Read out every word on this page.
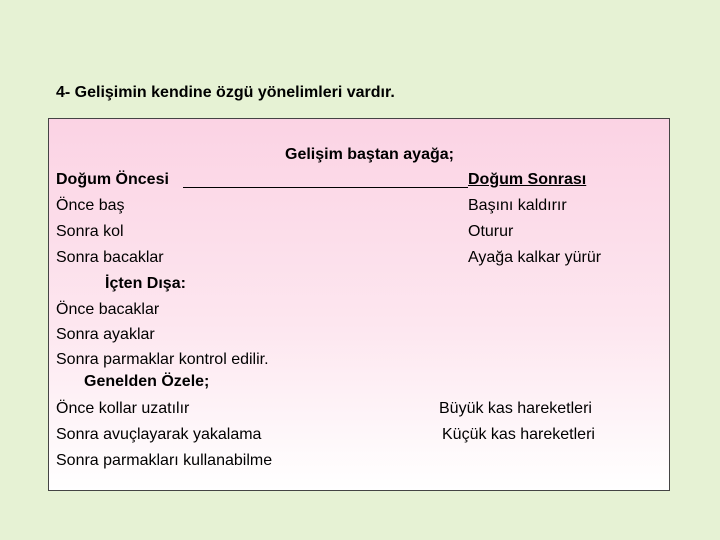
4- Gelişimin kendine özgü yönelimleri vardır.
Gelişim baştan ayağa;
Doğum Öncesi	Doğum Sonrası
Önce baş
Sonra kol
Sonra bacaklar
Başını kaldırır
Oturur
Ayağa kalkar yürür
İçten Dışa:
Önce bacaklar
Sonra ayaklar
Sonra parmaklar kontrol edilir.
Genelden Özele;
Önce kollar uzatılır
Sonra avuçlayarak yakalama
Sonra parmakları kullanabilme
Büyük kas hareketleri
Küçük kas hareketleri
